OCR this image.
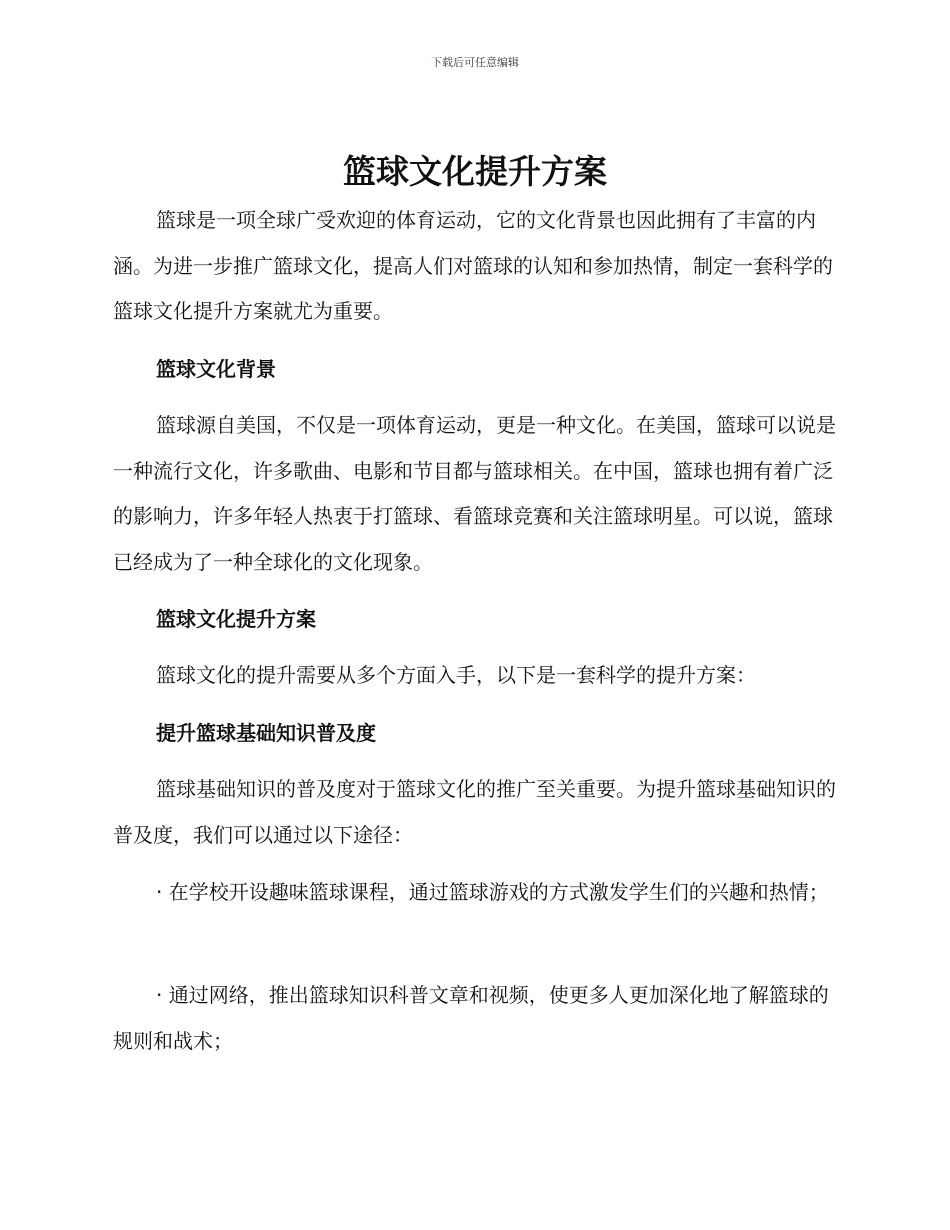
下载后可任意编辑
篮球文化提升方案

篮球是一项全球广受欢迎的体育运动，它的文化背景也因此拥有了丰富的内涵。为进一步推广篮球文化，提高人们对篮球的认知和参加热情，制定一套科学的篮球文化提升方案就尤为重要。

篮球文化背景

篮球源自美国，不仅是一项体育运动，更是一种文化。在美国，篮球可以说是一种流行文化，许多歌曲、电影和节目都与篮球相关。在中国，篮球也拥有着广泛的影响力，许多年轻人热衷于打篮球、看篮球竞赛和关注篮球明星。可以说，篮球已经成为了一种全球化的文化现象。

篮球文化提升方案

篮球文化的提升需要从多个方面入手，以下是一套科学的提升方案：

提升篮球基础知识普及度

篮球基础知识的普及度对于篮球文化的推广至关重要。为提升篮球基础知识的普及度，我们可以通过以下途径：

· 在学校开设趣味篮球课程，通过篮球游戏的方式激发学生们的兴趣和热情；

· 通过网络，推出篮球知识科普文章和视频，使更多人更加深化地了解篮球的规则和战术；
